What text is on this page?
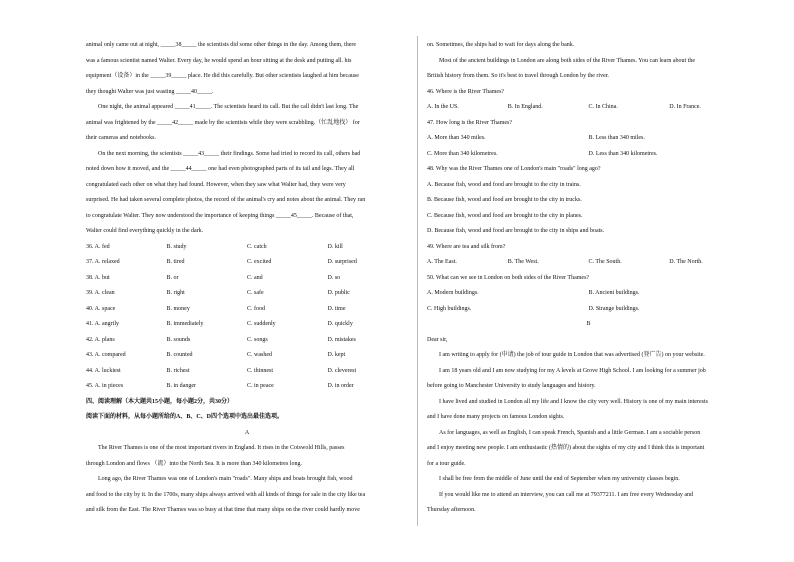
animal only came out at night, _____38_____ the scientists did some other things in the day. Among them, there

was a famous scientist named Walter. Every day, he would spend an hour sitting at the desk and putting all. his

equipment（设备）in the _____39_____ place. He did this carefully. But other scientists laughed at him because

they thought Walter was just wasting _____40_____.

One night, the animal appeared _____41_____. The scientists heard its call. But the call didn't last long. The

animal was frightened by the _____42_____ made by the scientists while they were scrabbling.（忙乱地找） for

their cameras and notebooks.

On the next morning, the scientists _____43_____ their findings. Some had tried to record its call, others had

noted down how it moved, and the _____44_____ one had even photographed parts of its tail and legs. They all

congratulated each other on what they had found. However, when they saw what Walter had, they were very

surprised. He had taken several complete photos, the record of the animal's cry and notes about the animal. They ran

to congratulate Walter. They now understood the importance of keeping things _____45_____. Because of that,

Walter could find everything quickly in the dark.

36. A. fed	B. study	C. catch	D. kill
37. A. relaxed	B. tired	C. excited	D. surprised
38. A. but	B. or	C. and	D. so
39. A. clean	B. right	C. safe	D. public
40. A. space	B. money	C. food	D. time
41. A. angrily	B. immediately	C. suddenly	D. quickly
42. A. plans	B. sounds	C. songs	D. mistakes
43. A. compared	B. counted	C. washed	D. kept
44. A. luckiest	B. richest	C. thinnest	D. cleverest
45. A. in pieces	B. in danger	C. in peace	D. in order

四、阅读理解（本大题共15小题，每小题2分，共30分）

阅读下面的材料，从每小题所给的A、B、C、D四个选项中选出最佳选项。

A

The River Thames is one of the most important rivers in England. It rises in the Cotswold Hills, passes

through London and flows （流）into the North Sea. It is more than 340 kilometres long.

Long ago, the River Thames was one of London's main "roads". Many ships and boats brought fish, wood

and food to the city by it. In the 1700s, many ships always arrived with all kinds of things for sale in the city like tea

and silk from the East. The River Thames was so busy at that time that many ships on the river could hardly move

on. Sometimes, the ships had to wait for days along the bank.

Most of the ancient buildings in London are along both sides of the River Thames. You can learn about the

British history from them. So it's best to travel through London by the river.

46. Where is the River Thames?

A. In the US.	B. In England.	C. In China.	D. In France.

47. How long is the River Thames?

A. More than 340 miles.	B. Less than 340 miles.
C. More than 340 kilometres.	D. Less than 340 kilometres.

48. Why was the River Thames one of London's main "roads" long ago?

A. Because fish, wood and food are brought to the city in trains.

B. Because fish, wood and food are brought to the city in trucks.

C. Because fish, wood and food are brought to the city in planes.

D. Because fish, wood and food are brought to the city in ships and boats.

49. Where are tea and silk from?

A. The East.	B. The West.	C. The South.	D. The North.

50. What can we see in London on both sides of the River Thames?

A. Modern buildings.	B. Ancient buildings.
C. High buildings.	D. Strange buildings.

B

Dear sir,

I am writing to apply for (申请) the job of tour guide in London that was advertised (登广告) on your website.

I am 18 years old and I am now studying for my A levels at Grove High School. I am looking for a summer job

before going to Manchester University to study languages and history.

I have lived and studied in London all my life and I know the city very well. History is one of my main interests

and I have done many projects on famous London sights.

As for languages, as well as English, I can speak French, Spanish and a little German. I am a sociable person

and I enjoy meeting new people. I am enthusiastic (热情的) about the sights of my city and I think this is important

for a tour guide.

I shall be free from the middle of June until the end of September when my university classes begin.

If you would like me to attend an interview, you can call me at 79377211. I am free every Wednesday and

Thursday afternoon.
